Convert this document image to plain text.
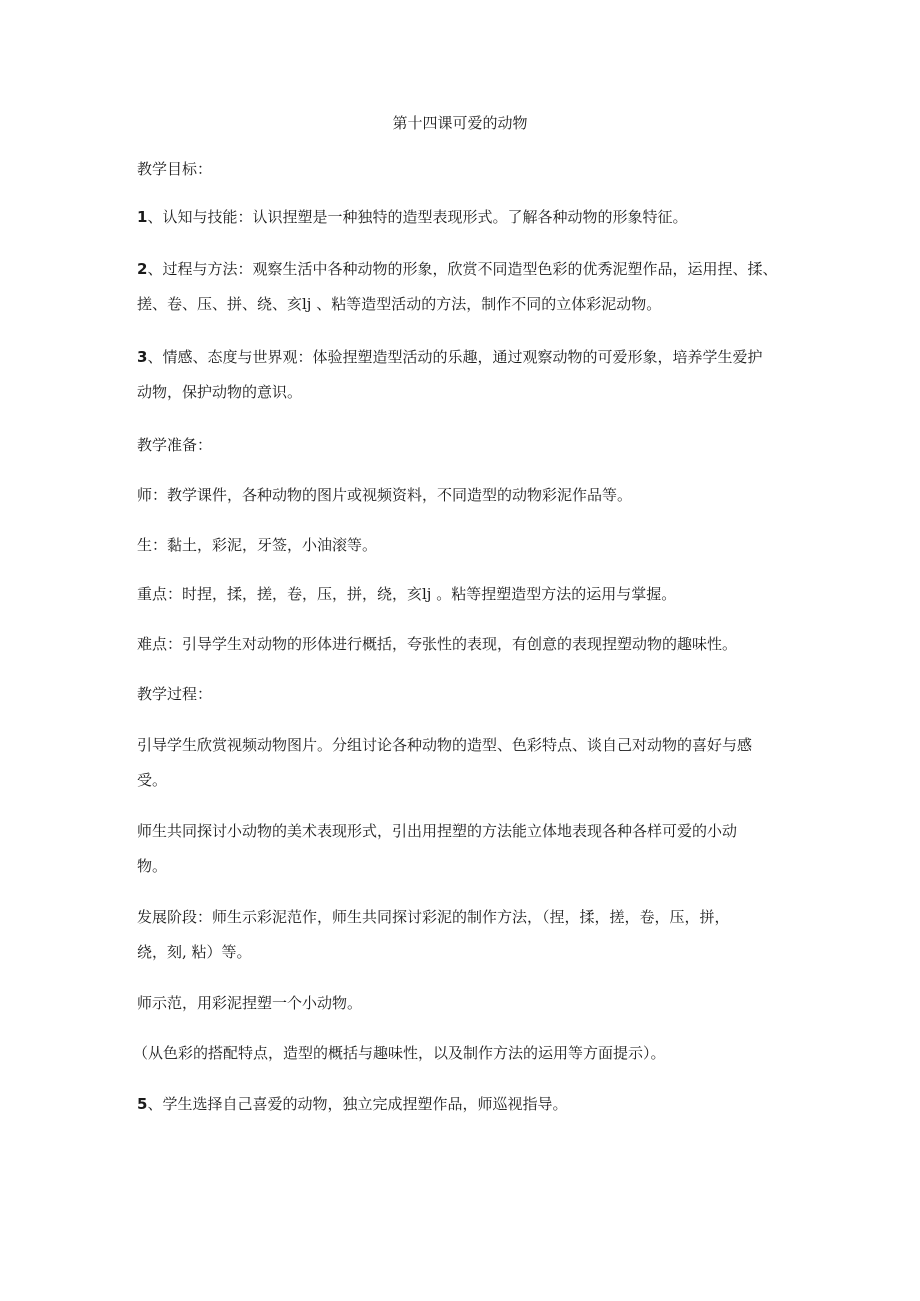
第十四课可爱的动物
教学目标：
1、认知与技能：认识捏塑是一种独特的造型表现形式。了解各种动物的形象特征。
2、过程与方法：观察生活中各种动物的形象，欣赏不同造型色彩的优秀泥塑作品，运用捏、揉、
搓、卷、压、拼、绕、亥lj 、粘等造型活动的方法，制作不同的立体彩泥动物。
3、情感、态度与世界观：体验捏塑造型活动的乐趣，通过观察动物的可爱形象，培养学生爱护
动物，保护动物的意识。
教学准备：
师：教学课件，各种动物的图片或视频资料，不同造型的动物彩泥作品等。
生：黏土，彩泥，牙签，小油滚等。
重点：时捏，揉，搓，卷，压，拼，绕，亥lj 。粘等捏塑造型方法的运用与掌握。
难点：引导学生对动物的形体进行概括，夸张性的表现，有创意的表现捏塑动物的趣味性。
教学过程：
引导学生欣赏视频动物图片。分组讨论各种动物的造型、色彩特点、谈自己对动物的喜好与感
受。
师生共同探讨小动物的美术表现形式，引出用捏塑的方法能立体地表现各种各样可爱的小动
物。
发展阶段：师生示彩泥范作，师生共同探讨彩泥的制作方法，（捏，揉，搓，卷，压，拼，
绕，刻, 粘）等。
师示范，用彩泥捏塑一个小动物。
（从色彩的搭配特点，造型的概括与趣味性，以及制作方法的运用等方面提示）。
5、学生选择自己喜爱的动物，独立完成捏塑作品，师巡视指导。
